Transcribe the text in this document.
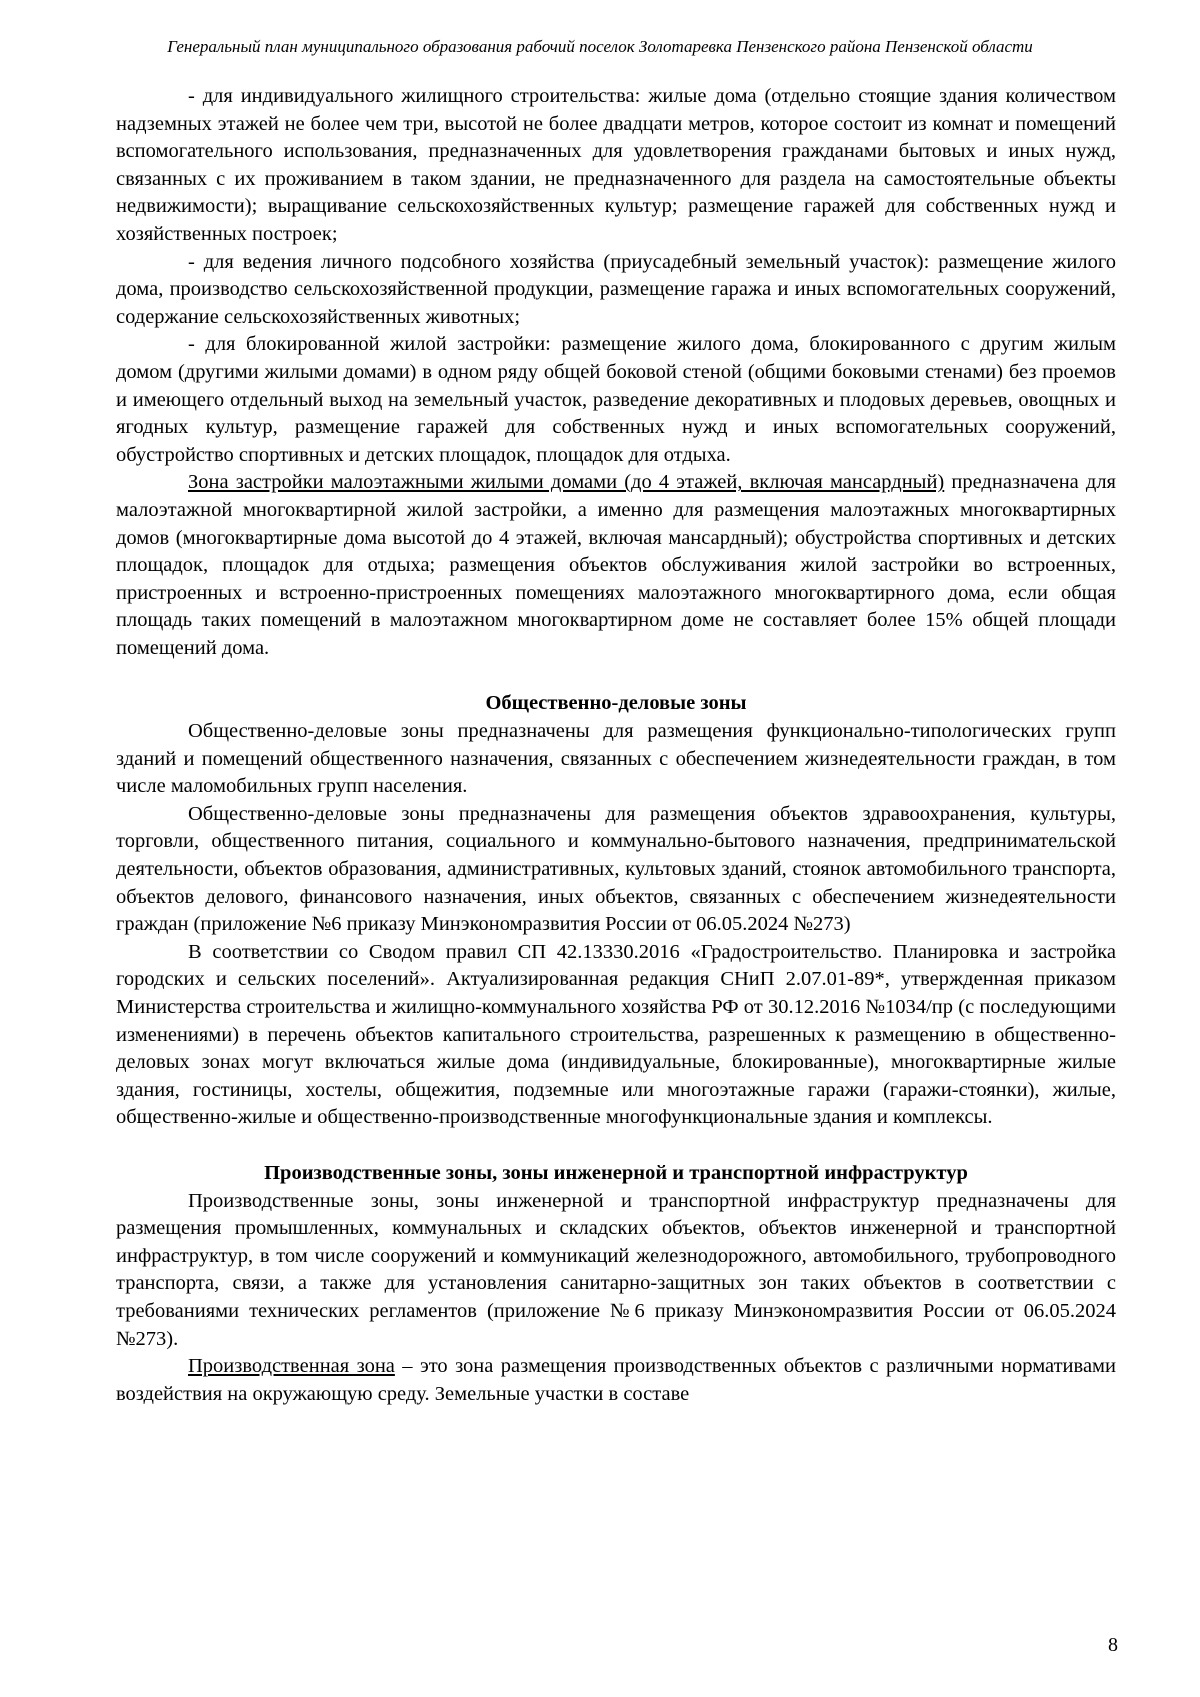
Генеральный план муниципального образования рабочий поселок Золотаревка Пензенского района Пензенской области

- для индивидуального жилищного строительства: жилые дома (отдельно стоящие здания количеством надземных этажей не более чем три, высотой не более двадцати метров, которое состоит из комнат и помещений вспомогательного использования, предназначенных для удовлетворения гражданами бытовых и иных нужд, связанных с их проживанием в таком здании, не предназначенного для раздела на самостоятельные объекты недвижимости); выращивание сельскохозяйственных культур; размещение гаражей для собственных нужд и хозяйственных построек;

- для ведения личного подсобного хозяйства (приусадебный земельный участок): размещение жилого дома, производство сельскохозяйственной продукции, размещение гаража и иных вспомогательных сооружений, содержание сельскохозяйственных животных;

- для блокированной жилой застройки: размещение жилого дома, блокированного с другим жилым домом (другими жилыми домами) в одном ряду общей боковой стеной (общими боковыми стенами) без проемов и имеющего отдельный выход на земельный участок, разведение декоративных и плодовых деревьев, овощных и ягодных культур, размещение гаражей для собственных нужд и иных вспомогательных сооружений, обустройство спортивных и детских площадок, площадок для отдыха.

Зона застройки малоэтажными жилыми домами (до 4 этажей, включая мансардный) предназначена для малоэтажной многоквартирной жилой застройки, а именно для размещения малоэтажных многоквартирных домов (многоквартирные дома высотой до 4 этажей, включая мансардный); обустройства спортивных и детских площадок, площадок для отдыха; размещения объектов обслуживания жилой застройки во встроенных, пристроенных и встроенно-пристроенных помещениях малоэтажного многоквартирного дома, если общая площадь таких помещений в малоэтажном многоквартирном доме не составляет более 15% общей площади помещений дома.

Общественно-деловые зоны

Общественно-деловые зоны предназначены для размещения функционально-типологических групп зданий и помещений общественного назначения, связанных с обеспечением жизнедеятельности граждан, в том числе маломобильных групп населения.

Общественно-деловые зоны предназначены для размещения объектов здравоохранения, культуры, торговли, общественного питания, социального и коммунально-бытового назначения, предпринимательской деятельности, объектов образования, административных, культовых зданий, стоянок автомобильного транспорта, объектов делового, финансового назначения, иных объектов, связанных с обеспечением жизнедеятельности граждан (приложение №6 приказу Минэкономразвития России от 06.05.2024 №273)

В соответствии со Сводом правил СП 42.13330.2016 «Градостроительство. Планировка и застройка городских и сельских поселений». Актуализированная редакция СНиП 2.07.01-89*, утвержденная приказом Министерства строительства и жилищно-коммунального хозяйства РФ от 30.12.2016 №1034/пр (с последующими изменениями) в перечень объектов капитального строительства, разрешенных к размещению в общественно-деловых зонах могут включаться жилые дома (индивидуальные, блокированные), многоквартирные жилые здания, гостиницы, хостелы, общежития, подземные или многоэтажные гаражи (гаражи-стоянки), жилые, общественно-жилые и общественно-производственные многофункциональные здания и комплексы.

Производственные зоны, зоны инженерной и транспортной инфраструктур

Производственные зоны, зоны инженерной и транспортной инфраструктур предназначены для размещения промышленных, коммунальных и складских объектов, объектов инженерной и транспортной инфраструктур, в том числе сооружений и коммуникаций железнодорожного, автомобильного, трубопроводного транспорта, связи, а также для установления санитарно-защитных зон таких объектов в соответствии с требованиями технических регламентов (приложение №6 приказу Минэкономразвития России от 06.05.2024 №273).

Производственная зона – это зона размещения производственных объектов с различными нормативами воздействия на окружающую среду. Земельные участки в составе

8
